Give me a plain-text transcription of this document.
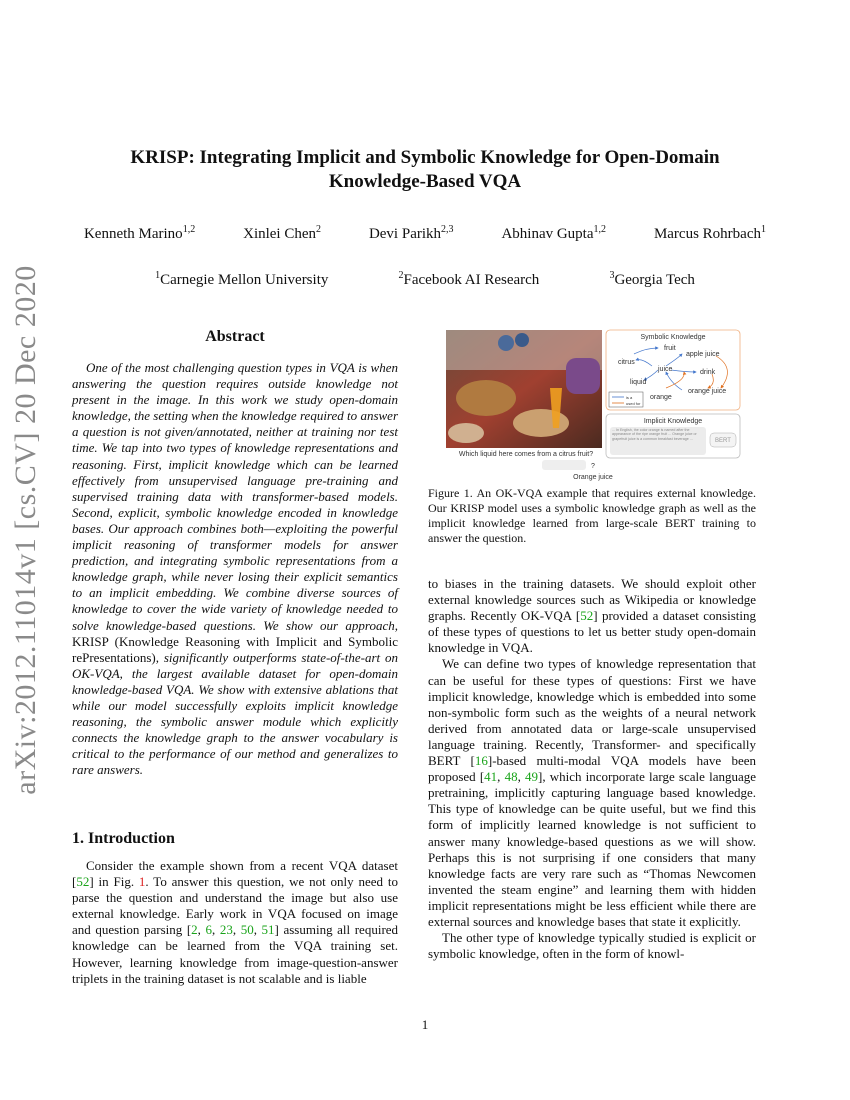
arXiv:2012.11014v1 [cs.CV] 20 Dec 2020
KRISP: Integrating Implicit and Symbolic Knowledge for Open-Domain
Knowledge-Based VQA
Kenneth Marino$^{1,2}$	Xinlei Chen$^2$	Devi Parikh$^{2,3}$	Abhinav Gupta$^{1,2}$	Marcus Rohrbach$^1$
$^1$Carnegie Mellon University	$^2$Facebook AI Research	$^3$Georgia Tech
Abstract
One of the most challenging question types in VQA is when answering the question requires outside knowledge not present in the image. In this work we study open-domain knowledge, the setting when the knowledge required to answer a question is not given/annotated, neither at training nor test time. We tap into two types of knowledge representations and reasoning. First, implicit knowledge which can be learned effectively from unsupervised language pre-training and supervised training data with transformer-based models. Second, explicit, symbolic knowledge encoded in knowledge bases. Our approach combines both—exploiting the powerful implicit reasoning of transformer models for answer prediction, and integrating symbolic representations from a knowledge graph, while never losing their explicit semantics to an implicit embedding. We combine diverse sources of knowledge to cover the wide variety of knowledge needed to solve knowledge-based questions. We show our approach, KRISP (Knowledge Reasoning with Implicit and Symbolic rePresentations), significantly outperforms state-of-the-art on OK-VQA, the largest available dataset for open-domain knowledge-based VQA. We show with extensive ablations that while our model successfully exploits implicit knowledge reasoning, the symbolic answer module which explicitly connects the knowledge graph to the answer vocabulary is critical to the performance of our method and generalizes to rare answers.
1. Introduction
Consider the example shown from a recent VQA dataset [52] in Fig. 1. To answer this question, we not only need to parse the question and understand the image but also use external knowledge. Early work in VQA focused on image and question parsing [2, 6, 23, 50, 51] assuming all required knowledge can be learned from the VQA training set. However, learning knowledge from image-question-answer triplets in the training dataset is not scalable and is liable
Symbolic Knowledge
fruit
citrus
apple juice
juice	drink
liquid
orange juice
orange
is a
used for
Implicit Knowledge
... In English, the color orange is named after the appearance of the ripe orange fruit ... Orange juice or grapefruit juice is a common breakfast beverage ...	BERT
Which liquid here comes from a citrus fruit?
?
Orange juice
Figure 1. An OK-VQA example that requires external knowledge. Our KRISP model uses a symbolic knowledge graph as well as the implicit knowledge learned from large-scale BERT training to answer the question.

to biases in the training datasets. We should exploit other external knowledge sources such as Wikipedia or knowledge graphs. Recently OK-VQA [52] provided a dataset consisting of these types of questions to let us better study open-domain knowledge in VQA.

We can define two types of knowledge representation that can be useful for these types of questions: First we have implicit knowledge, knowledge which is embedded into some non-symbolic form such as the weights of a neural network derived from annotated data or large-scale unsupervised language training. Recently, Transformer- and specifically BERT [16]-based multi-modal VQA models have been proposed [41, 48, 49], which incorporate large scale language pretraining, implicitly capturing language based knowledge. This type of knowledge can be quite useful, but we find this form of implicitly learned knowledge is not sufficient to answer many knowledge-based questions as we will show. Perhaps this is not surprising if one considers that many knowledge facts are very rare such as “Thomas Newcomen invented the steam engine” and learning them with hidden implicit representations might be less efficient while there are external sources and knowledge bases that state it explicitly.

The other type of knowledge typically studied is explicit or symbolic knowledge, often in the form of knowl-

1
